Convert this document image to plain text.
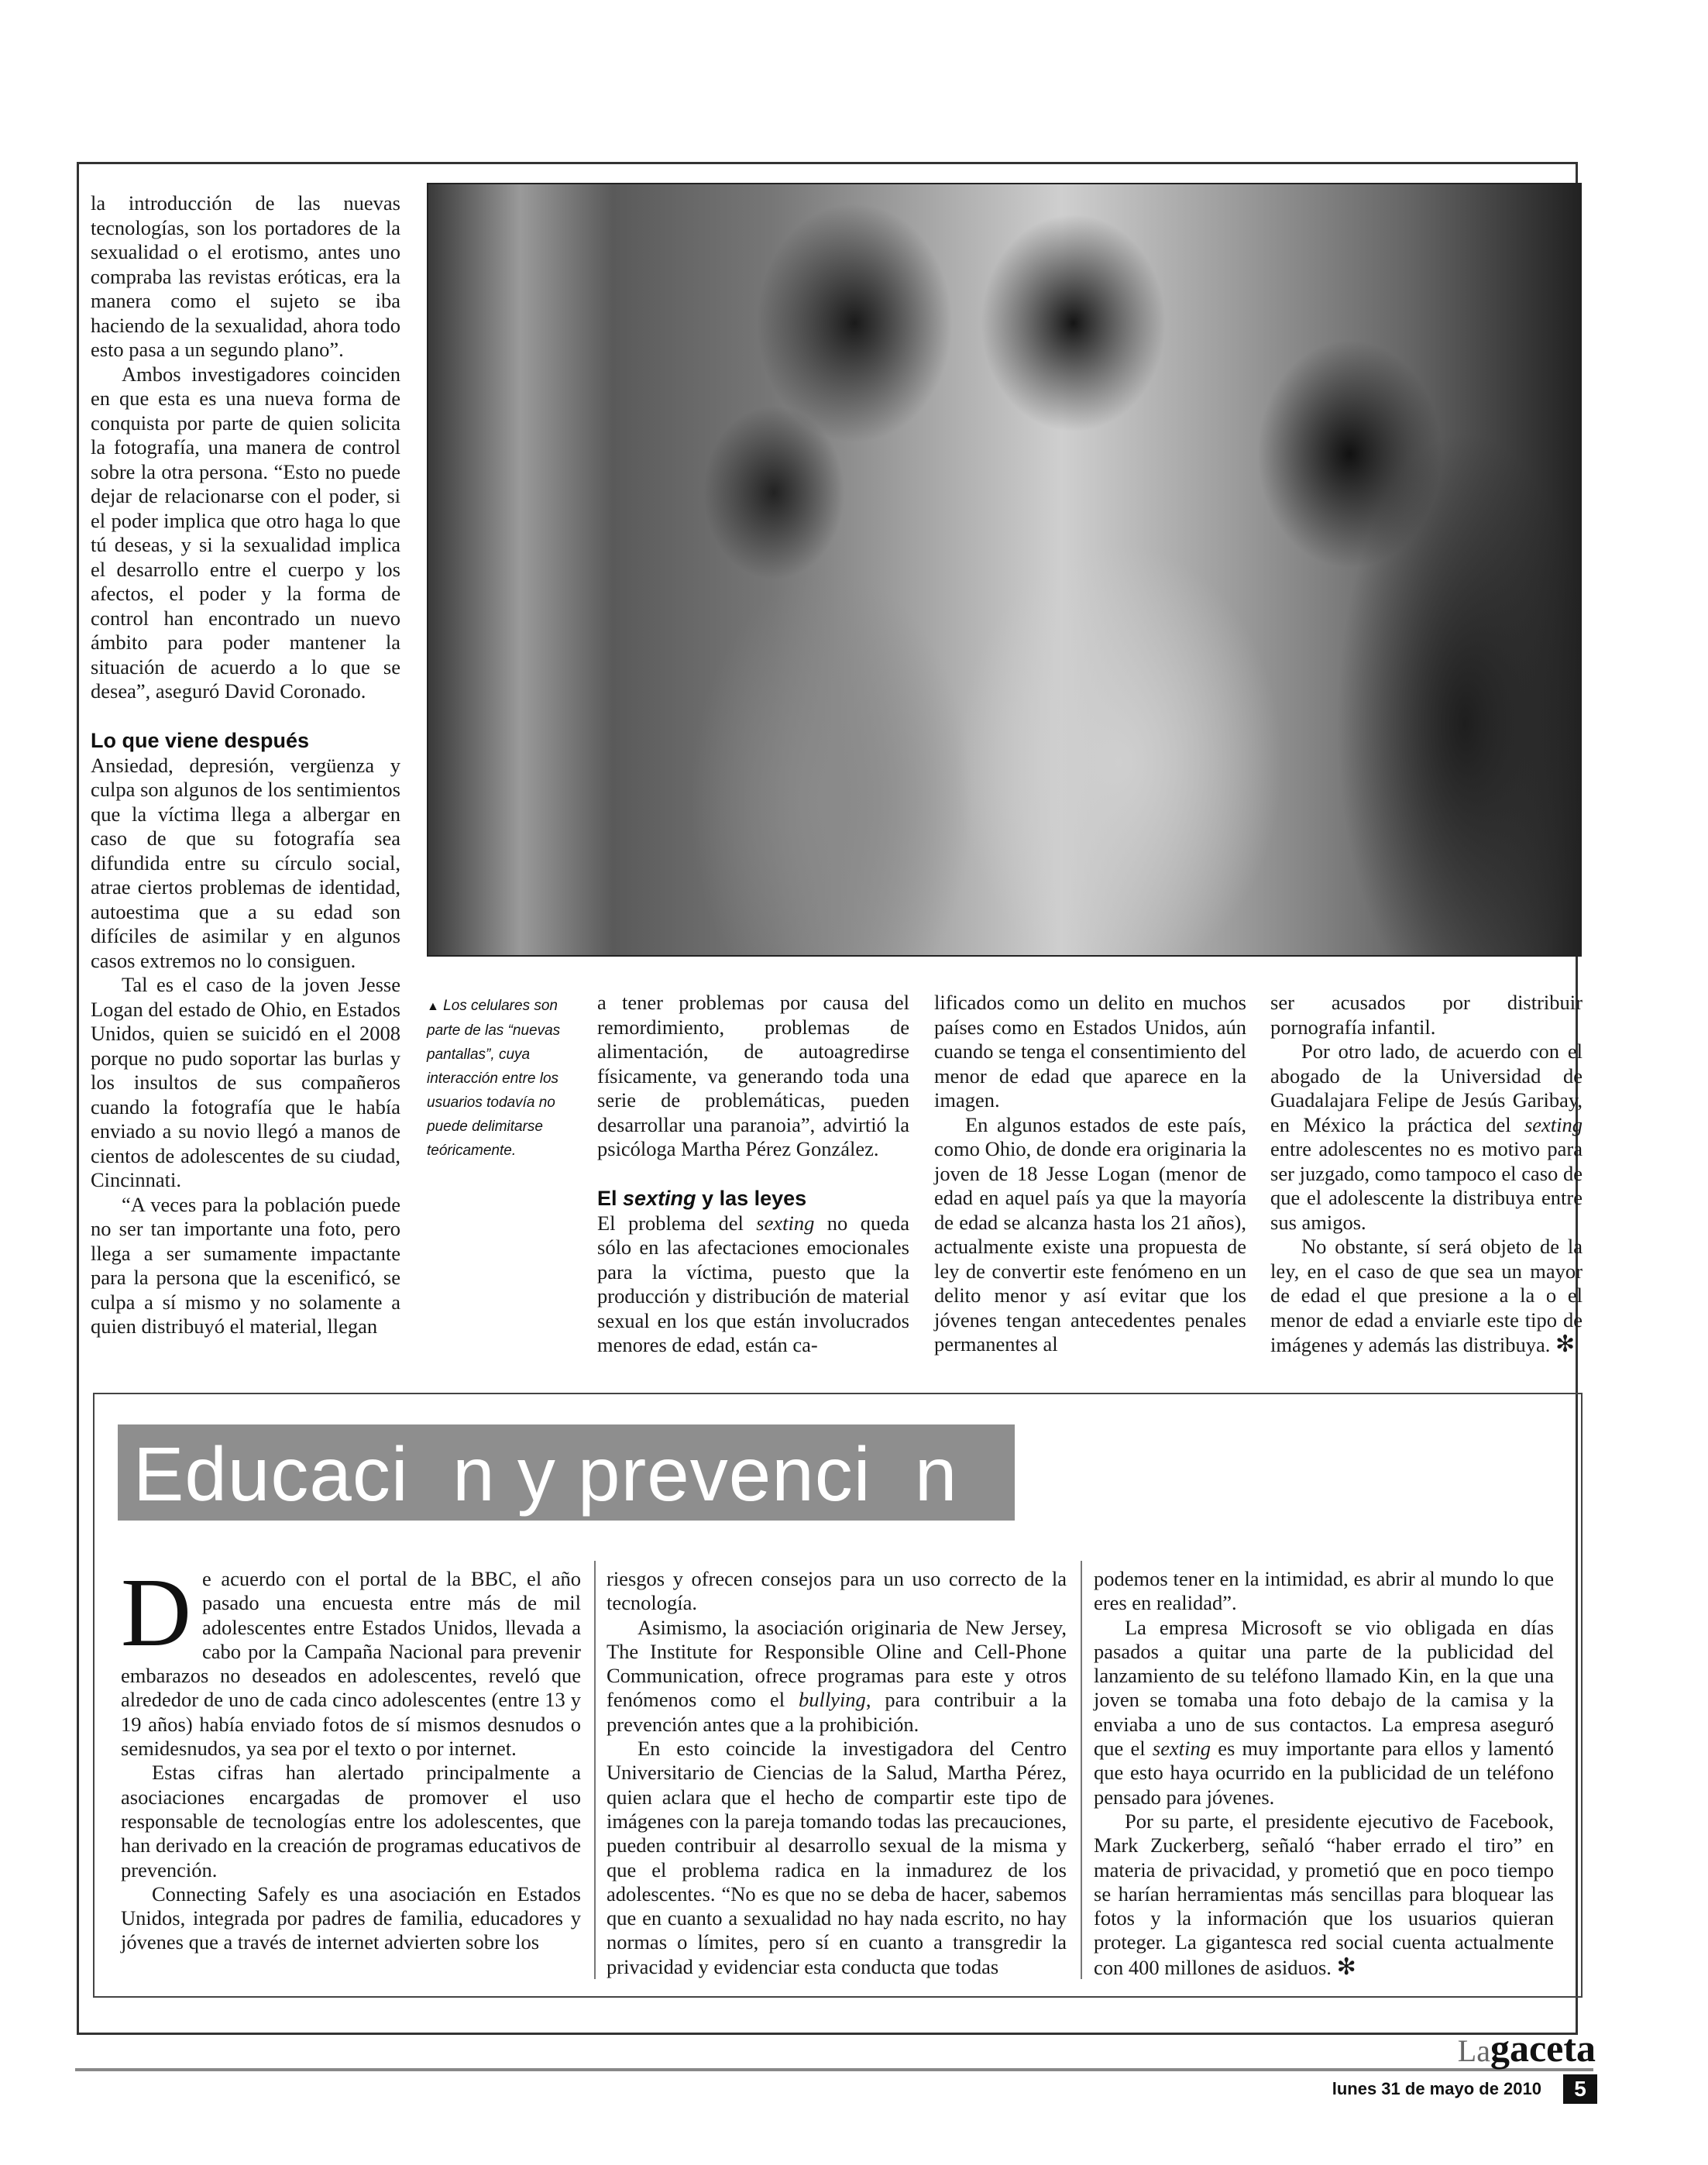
la introducción de las nuevas tecnologías, son los portadores de la sexualidad o el erotismo, antes uno compraba las revistas eróticas, era la manera como el sujeto se iba haciendo de la sexualidad, ahora todo esto pasa a un segundo plano”.

Ambos investigadores coinciden en que esta es una nueva forma de conquista por parte de quien solicita la fotografía, una manera de control sobre la otra persona. “Esto no puede dejar de relacionarse con el poder, si el poder implica que otro haga lo que tú deseas, y si la sexualidad implica el desarrollo entre el cuerpo y los afectos, el poder y la forma de control han encontrado un nuevo ámbito para poder mantener la situación de acuerdo a lo que se desea”, aseguró David Coronado.

Lo que viene después

Ansiedad, depresión, vergüenza y culpa son algunos de los sentimientos que la víctima llega a albergar en caso de que su fotografía sea difundida entre su círculo social, atrae ciertos problemas de identidad, autoestima que a su edad son difíciles de asimilar y en algunos casos extremos no lo consiguen.

Tal es el caso de la joven Jesse Logan del estado de Ohio, en Estados Unidos, quien se suicidó en el 2008 porque no pudo soportar las burlas y los insultos de sus compañeros cuando la fotografía que le había enviado a su novio llegó a manos de cientos de adolescentes de su ciudad, Cincinnati.

“A veces para la población puede no ser tan importante una foto, pero llega a ser sumamente impactante para la persona que la escenificó, se culpa a sí mismo y no solamente a quien distribuyó el material, llegan

▲ Los celulares son parte de las “nuevas pantallas”, cuya interacción entre los usuarios todavía no puede delimitarse teóricamente.

a tener problemas por causa del remordimiento, problemas de alimentación, de autoagredirse físicamente, va generando toda una serie de problemáticas, pueden desarrollar una paranoia”, advirtió la psicóloga Martha Pérez González.

El sexting y las leyes

El problema del sexting no queda sólo en las afectaciones emocionales para la víctima, puesto que la producción y distribución de material sexual en los que están involucrados menores de edad, están ca-

lificados como un delito en muchos países como en Estados Unidos, aún cuando se tenga el consentimiento del menor de edad que aparece en la imagen.

En algunos estados de este país, como Ohio, de donde era originaria la joven de 18 Jesse Logan (menor de edad en aquel país ya que la mayoría de edad se alcanza hasta los 21 años), actualmente existe una propuesta de ley de convertir este fenómeno en un delito menor y así evitar que los jóvenes tengan antecedentes penales permanentes al

ser acusados por distribuir pornografía infantil.

Por otro lado, de acuerdo con el abogado de la Universidad de Guadalajara Felipe de Jesús Garibay, en México la práctica del sexting entre adolescentes no es motivo para ser juzgado, como tampoco el caso de que el adolescente la distribuya entre sus amigos.

No obstante, sí será objeto de la ley, en el caso de que sea un mayor de edad el que presione a la o el menor de edad a enviarle este tipo de imágenes y además las distribuya. ✻

Educaci  n y prevenci  n

De acuerdo con el portal de la BBC, el año pasado una encuesta entre más de mil adolescentes entre Estados Unidos, llevada a cabo por la Campaña Nacional para prevenir embarazos no deseados en adolescentes, reveló que alrededor de uno de cada cinco adolescentes (entre 13 y 19 años) había enviado fotos de sí mismos desnudos o semidesnudos, ya sea por el texto o por internet.

Estas cifras han alertado principalmente a asociaciones encargadas de promover el uso responsable de tecnologías entre los adolescentes, que han derivado en la creación de programas educativos de prevención.

Connecting Safely es una asociación en Estados Unidos, integrada por padres de familia, educadores y jóvenes que a través de internet advierten sobre los

riesgos y ofrecen consejos para un uso correcto de la tecnología.

Asimismo, la asociación originaria de New Jersey, The Institute for Responsible Oline and Cell-Phone Communication, ofrece programas para este y otros fenómenos como el bullying, para contribuir a la prevención antes que a la prohibición.

En esto coincide la investigadora del Centro Universitario de Ciencias de la Salud, Martha Pérez, quien aclara que el hecho de compartir este tipo de imágenes con la pareja tomando todas las precauciones, pueden contribuir al desarrollo sexual de la misma y que el problema radica en la inmadurez de los adolescentes. “No es que no se deba de hacer, sabemos que en cuanto a sexualidad no hay nada escrito, no hay normas o límites, pero sí en cuanto a transgredir la privacidad y evidenciar esta conducta que todas

podemos tener en la intimidad, es abrir al mundo lo que eres en realidad”.

La empresa Microsoft se vio obligada en días pasados a quitar una parte de la publicidad del lanzamiento de su teléfono llamado Kin, en la que una joven se tomaba una foto debajo de la camisa y la enviaba a uno de sus contactos. La empresa aseguró que el sexting es muy importante para ellos y lamentó que esto haya ocurrido en la publicidad de un teléfono pensado para jóvenes.

Por su parte, el presidente ejecutivo de Facebook, Mark Zuckerberg, señaló “haber errado el tiro” en materia de privacidad, y prometió que en poco tiempo se harían herramientas más sencillas para bloquear las fotos y la información que los usuarios quieran proteger. La gigantesca red social cuenta actualmente con 400 millones de asiduos. ✻

Lagaceta
lunes 31 de mayo de 2010	5
